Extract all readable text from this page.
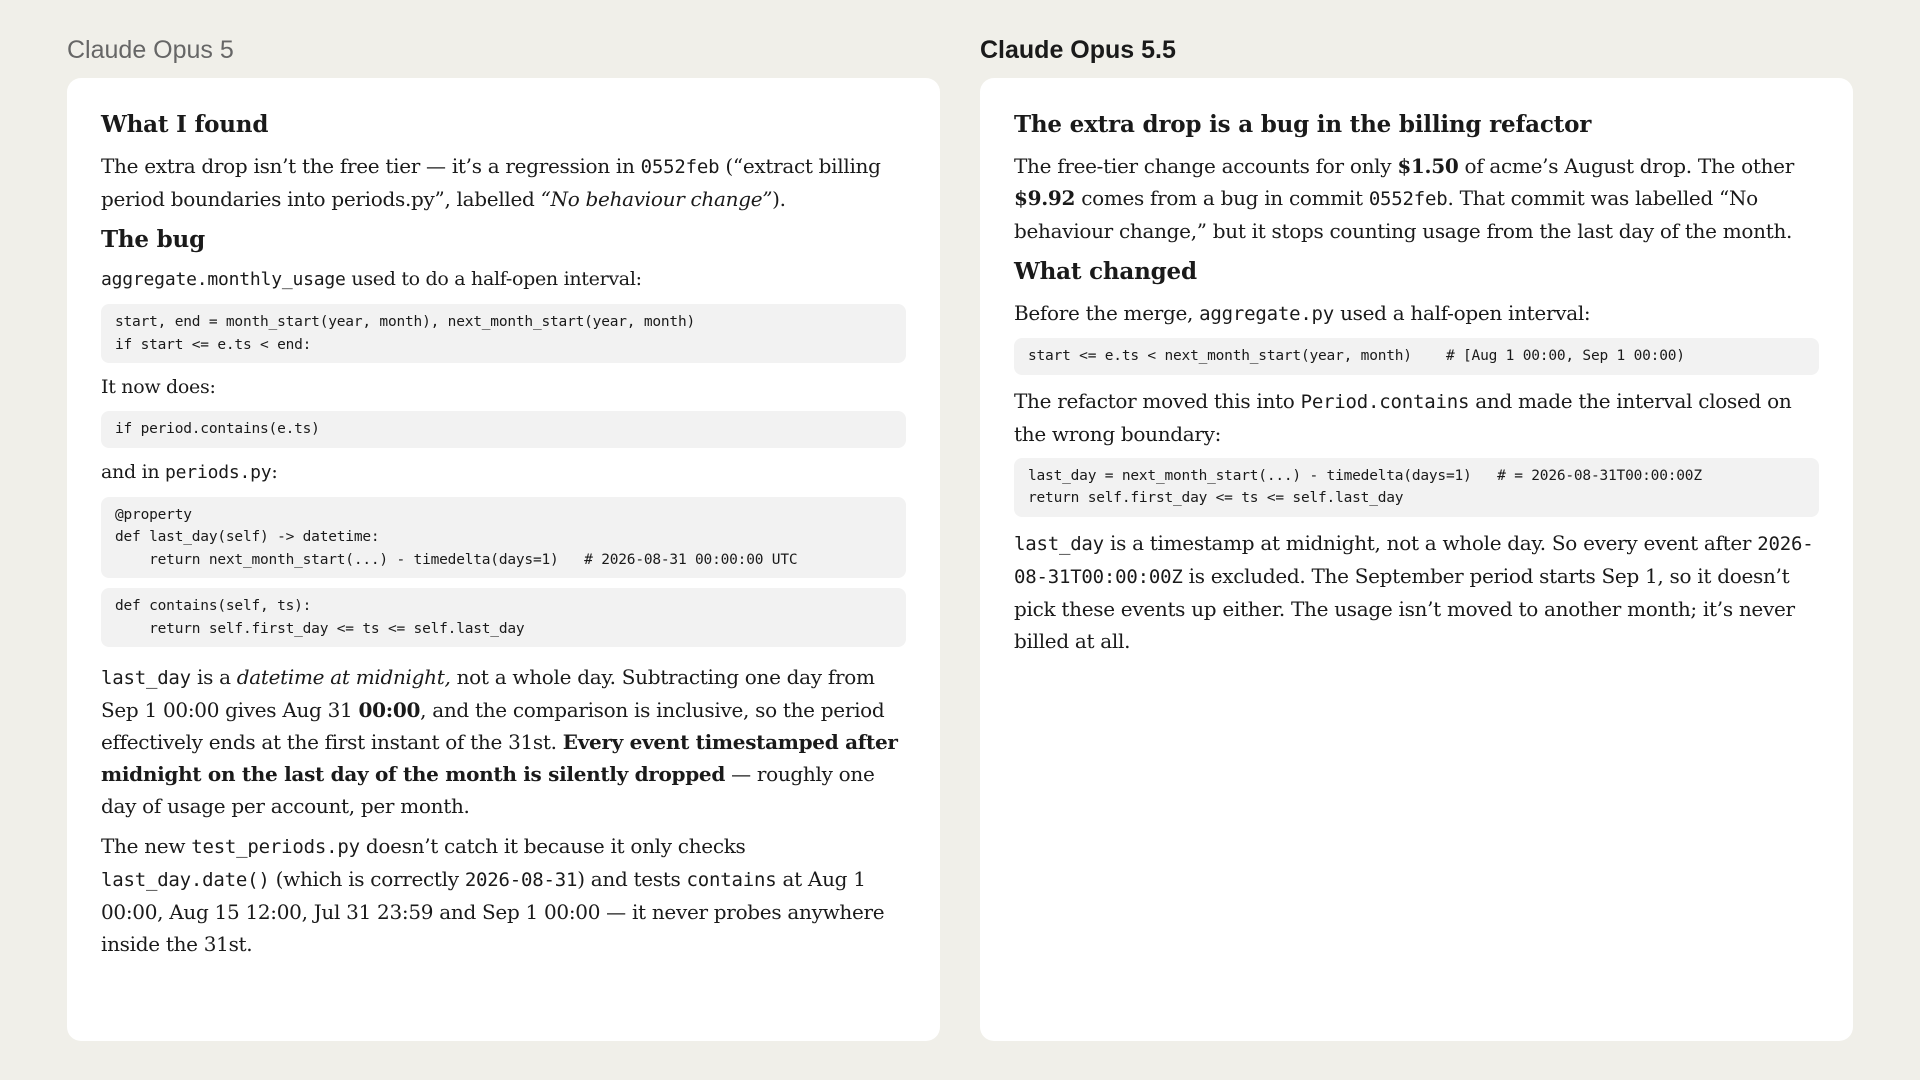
Claude Opus 5
What I found

The extra drop isn’t the free tier — it’s a regression in 0552feb (“extract billing period boundaries into periods.py”, labelled “No behaviour change”).

The bug

aggregate.monthly_usage used to do a half-open interval:

start, end = month_start(year, month), next_month_start(year, month)
if start <= e.ts < end:

It now does:

if period.contains(e.ts)

and in periods.py:

@property
def last_day(self) -> datetime:
return next_month_start(...) - timedelta(days=1)   # 2026-08-31 00:00:00 UTC
def contains(self, ts):
return self.first_day <= ts <= self.last_day

last_day is a datetime at midnight, not a whole day. Subtracting one day from Sep 1 00:00 gives Aug 31 00:00, and the comparison is inclusive, so the period effectively ends at the first instant of the 31st. Every event timestamped after midnight on the last day of the month is silently dropped — roughly one day of usage per account, per month.

The new test_periods.py doesn’t catch it because it only checks last_day.date() (which is correctly 2026-08-31) and tests contains at Aug 1 00:00, Aug 15 12:00, Jul 31 23:59 and Sep 1 00:00 — it never probes anywhere inside the 31st.

Claude Opus 5.5
The extra drop is a bug in the billing refactor

The free-tier change accounts for only $1.50 of acme’s August drop. The other $9.92 comes from a bug in commit 0552feb. That commit was labelled “No behaviour change,” but it stops counting usage from the last day of the month.

What changed

Before the merge, aggregate.py used a half-open interval:

start <= e.ts < next_month_start(year, month)    # [Aug 1 00:00, Sep 1 00:00)

The refactor moved this into Period.contains and made the interval closed on the wrong boundary:

last_day = next_month_start(...) - timedelta(days=1)   # = 2026-08-31T00:00:00Z
return self.first_day <= ts <= self.last_day

last_day is a timestamp at midnight, not a whole day. So every event after 2026-08-31T00:00:00Z is excluded. The September period starts Sep 1, so it doesn’t pick these events up either. The usage isn’t moved to another month; it’s never billed at all.
